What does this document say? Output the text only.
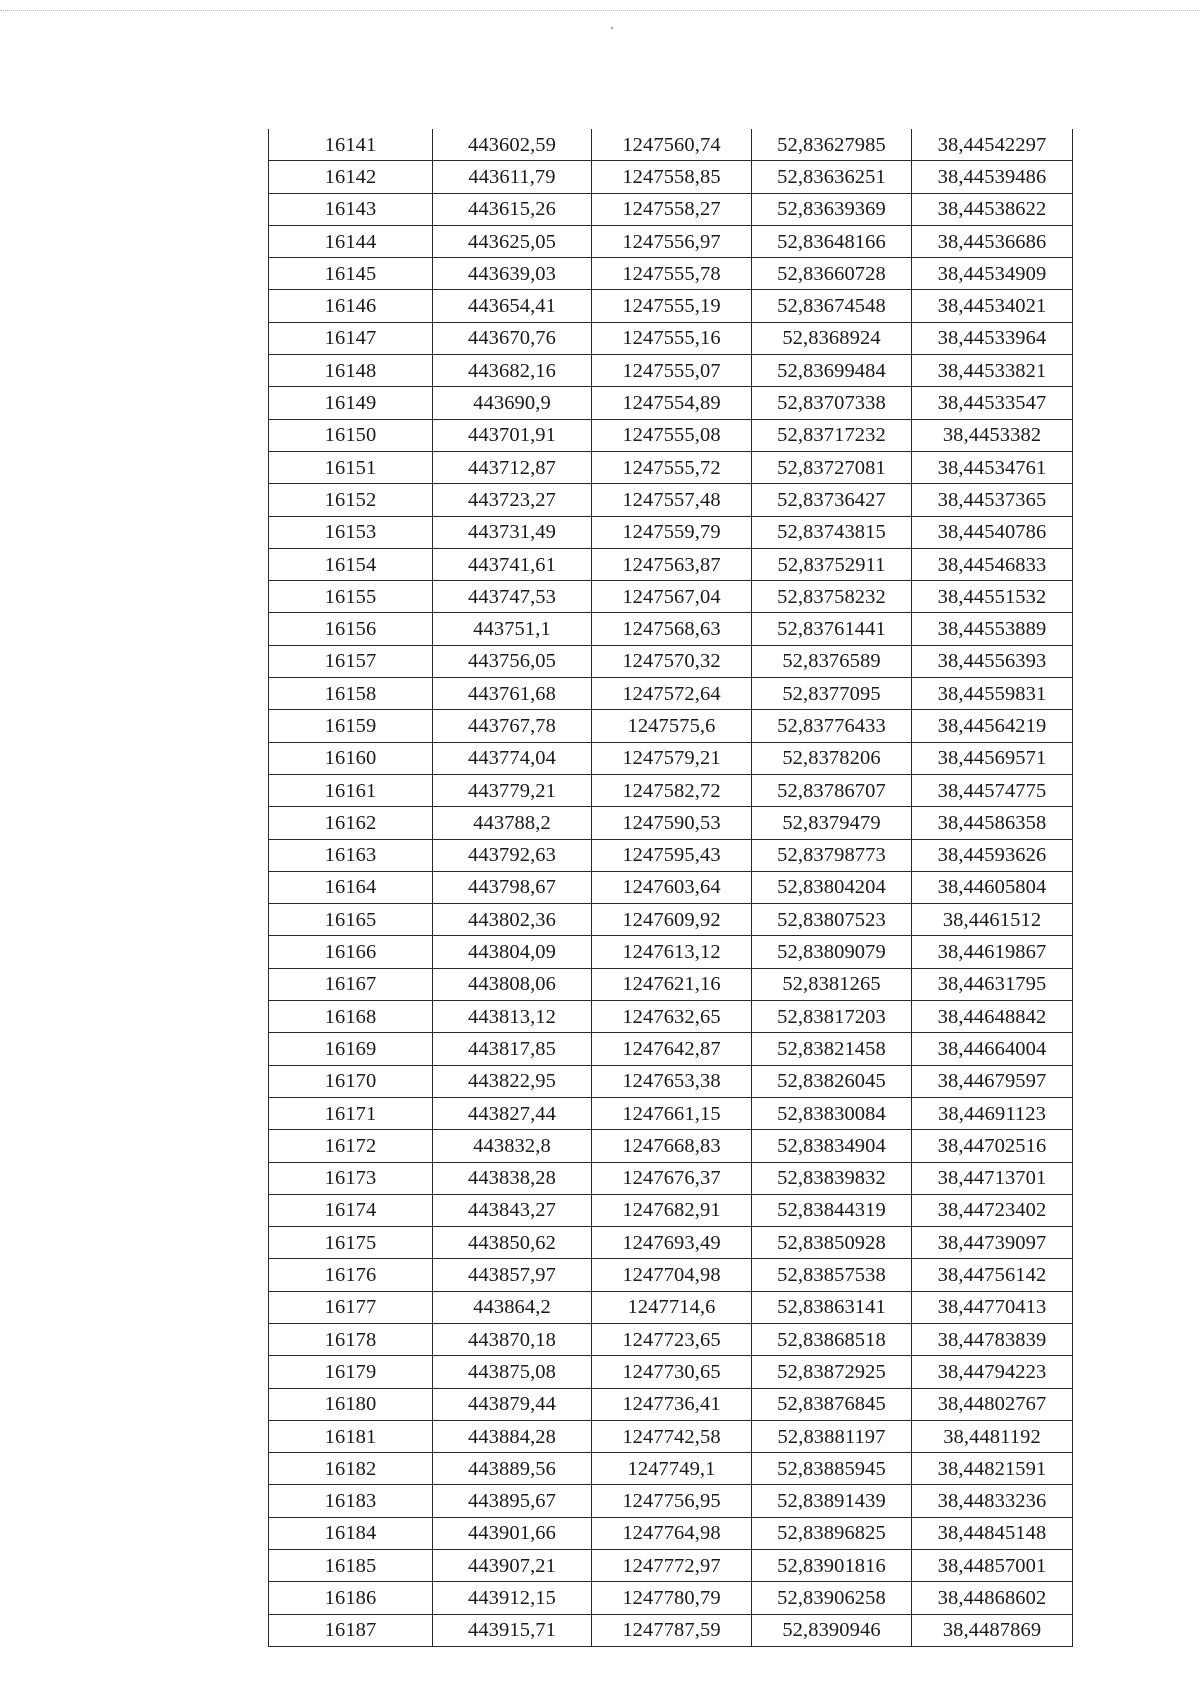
16141	443602,59	1247560,74	52,83627985	38,44542297
16142	443611,79	1247558,85	52,83636251	38,44539486
16143	443615,26	1247558,27	52,83639369	38,44538622
16144	443625,05	1247556,97	52,83648166	38,44536686
16145	443639,03	1247555,78	52,83660728	38,44534909
16146	443654,41	1247555,19	52,83674548	38,44534021
16147	443670,76	1247555,16	52,8368924	38,44533964
16148	443682,16	1247555,07	52,83699484	38,44533821
16149	443690,9	1247554,89	52,83707338	38,44533547
16150	443701,91	1247555,08	52,83717232	38,4453382
16151	443712,87	1247555,72	52,83727081	38,44534761
16152	443723,27	1247557,48	52,83736427	38,44537365
16153	443731,49	1247559,79	52,83743815	38,44540786
16154	443741,61	1247563,87	52,83752911	38,44546833
16155	443747,53	1247567,04	52,83758232	38,44551532
16156	443751,1	1247568,63	52,83761441	38,44553889
16157	443756,05	1247570,32	52,8376589	38,44556393
16158	443761,68	1247572,64	52,8377095	38,44559831
16159	443767,78	1247575,6	52,83776433	38,44564219
16160	443774,04	1247579,21	52,8378206	38,44569571
16161	443779,21	1247582,72	52,83786707	38,44574775
16162	443788,2	1247590,53	52,8379479	38,44586358
16163	443792,63	1247595,43	52,83798773	38,44593626
16164	443798,67	1247603,64	52,83804204	38,44605804
16165	443802,36	1247609,92	52,83807523	38,4461512
16166	443804,09	1247613,12	52,83809079	38,44619867
16167	443808,06	1247621,16	52,8381265	38,44631795
16168	443813,12	1247632,65	52,83817203	38,44648842
16169	443817,85	1247642,87	52,83821458	38,44664004
16170	443822,95	1247653,38	52,83826045	38,44679597
16171	443827,44	1247661,15	52,83830084	38,44691123
16172	443832,8	1247668,83	52,83834904	38,44702516
16173	443838,28	1247676,37	52,83839832	38,44713701
16174	443843,27	1247682,91	52,83844319	38,44723402
16175	443850,62	1247693,49	52,83850928	38,44739097
16176	443857,97	1247704,98	52,83857538	38,44756142
16177	443864,2	1247714,6	52,83863141	38,44770413
16178	443870,18	1247723,65	52,83868518	38,44783839
16179	443875,08	1247730,65	52,83872925	38,44794223
16180	443879,44	1247736,41	52,83876845	38,44802767
16181	443884,28	1247742,58	52,83881197	38,4481192
16182	443889,56	1247749,1	52,83885945	38,44821591
16183	443895,67	1247756,95	52,83891439	38,44833236
16184	443901,66	1247764,98	52,83896825	38,44845148
16185	443907,21	1247772,97	52,83901816	38,44857001
16186	443912,15	1247780,79	52,83906258	38,44868602
16187	443915,71	1247787,59	52,8390946	38,4487869
